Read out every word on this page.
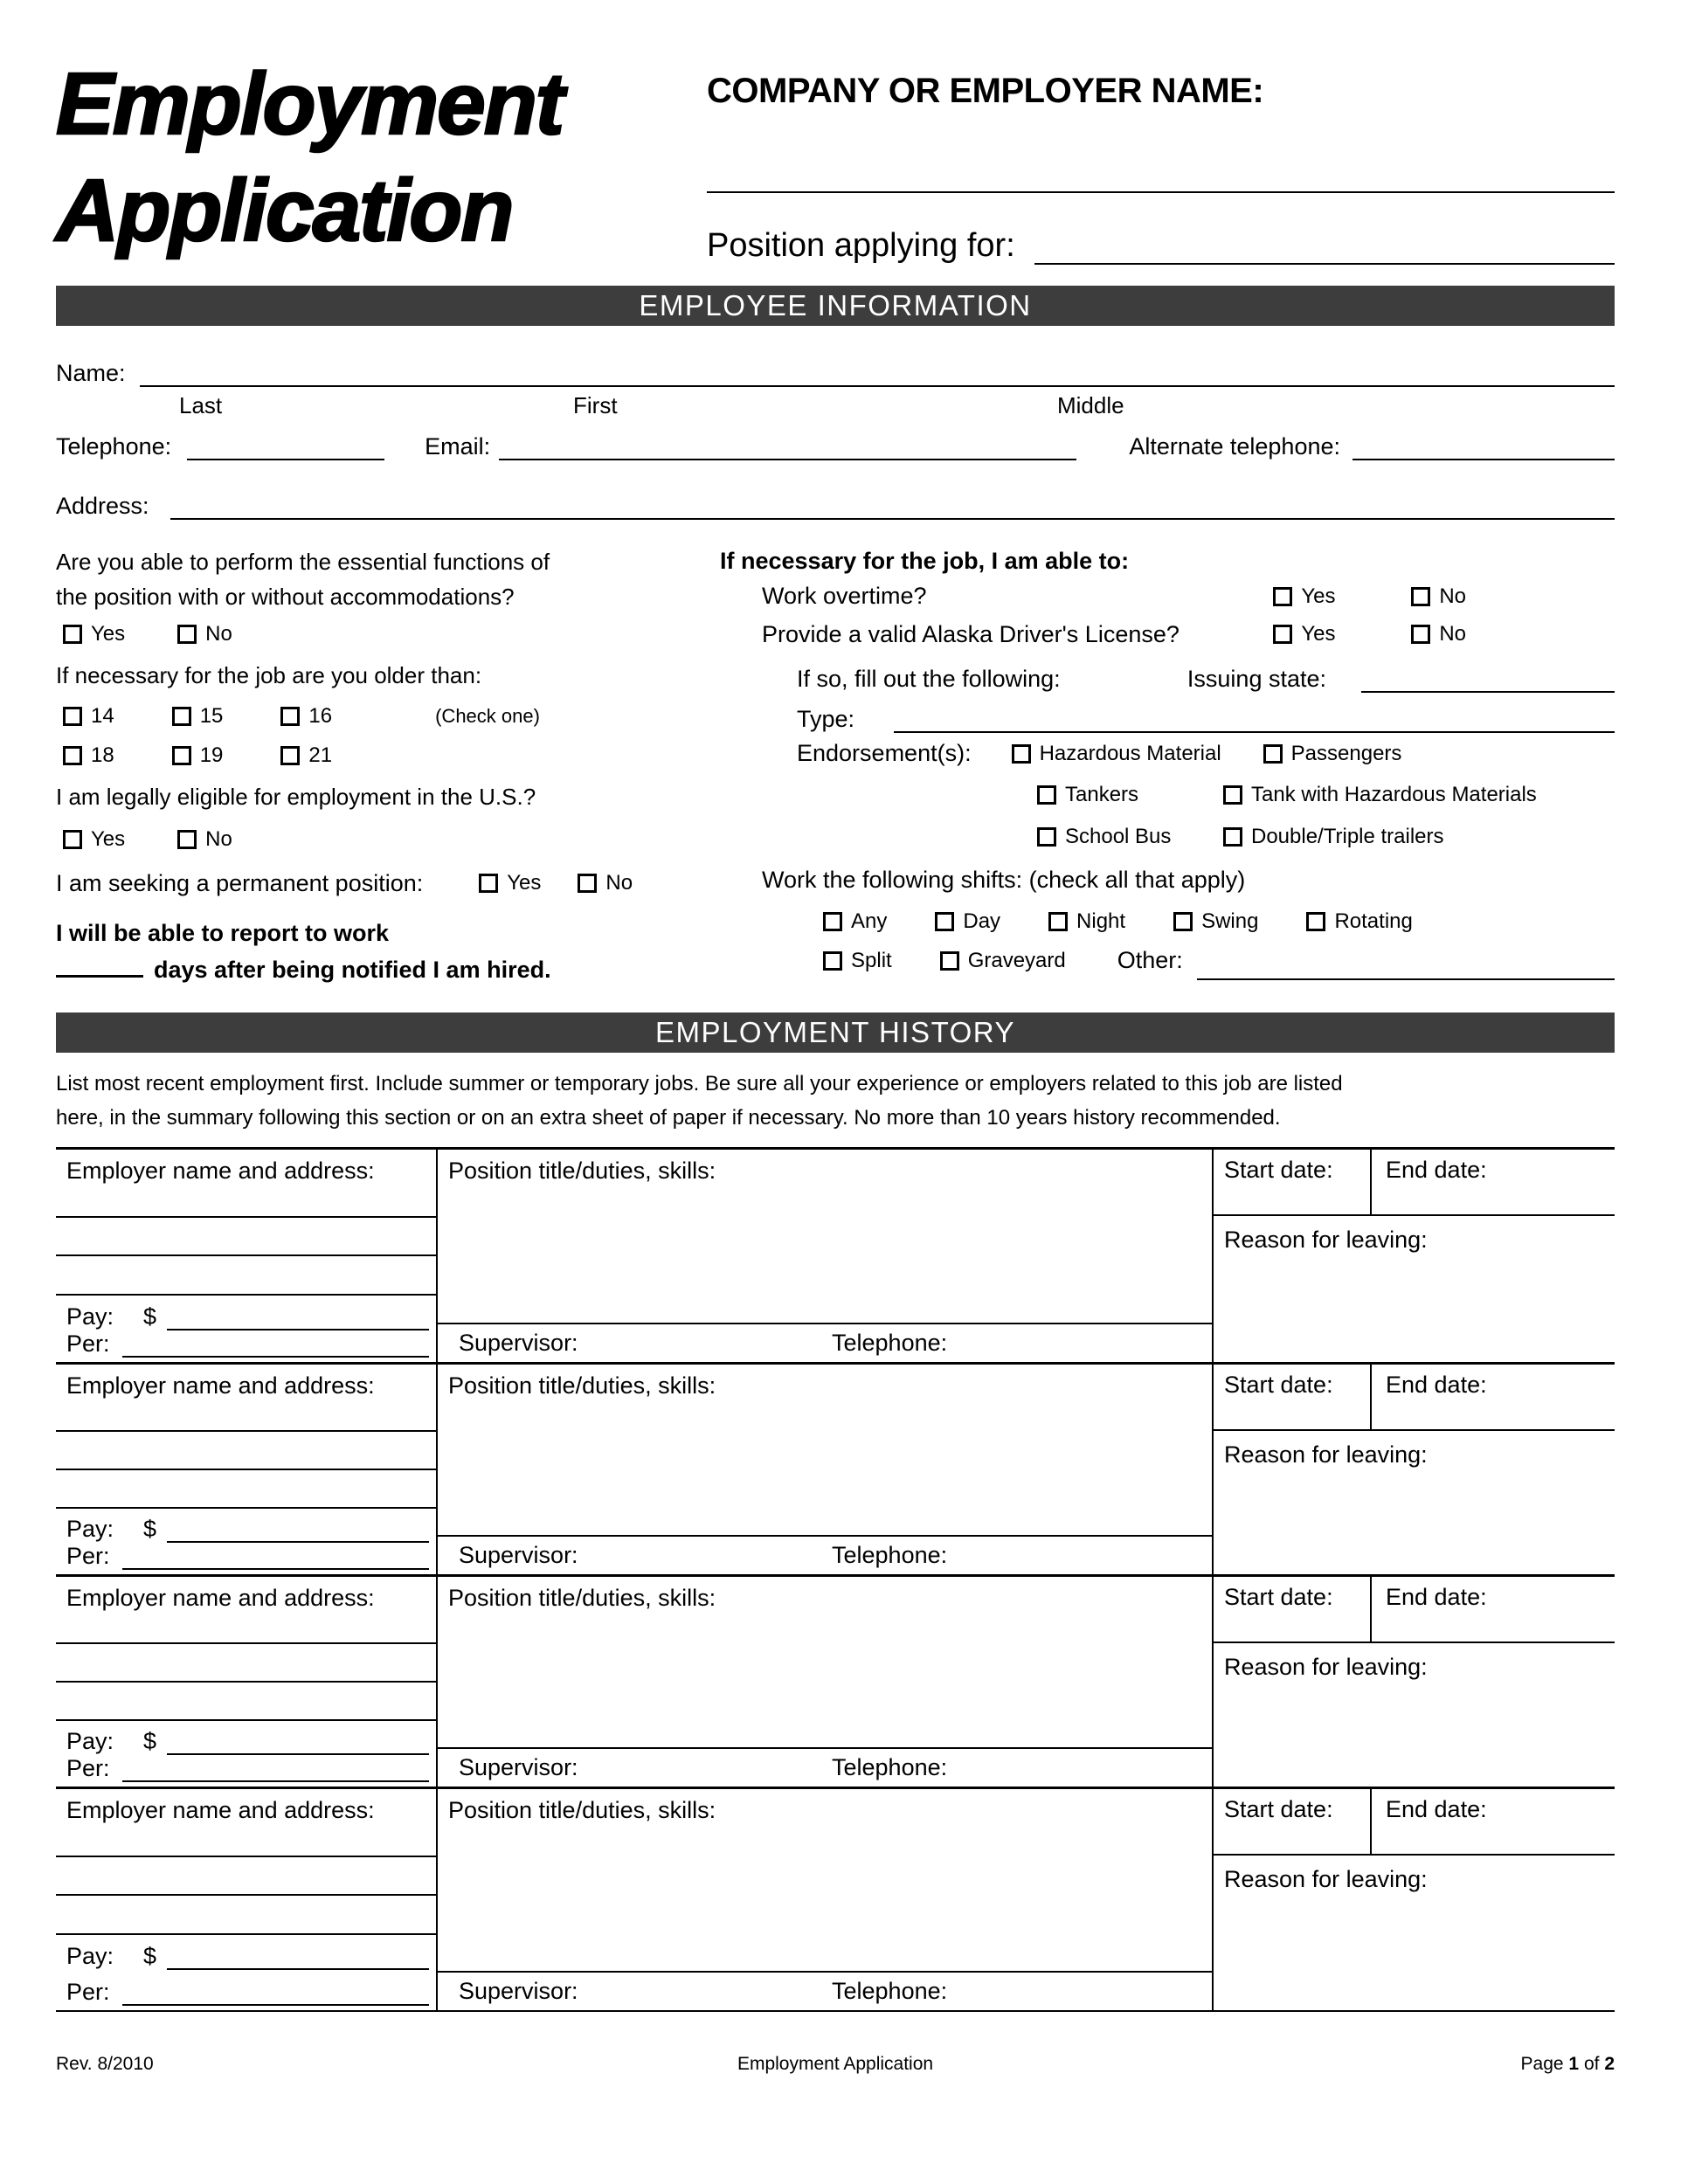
Employment
Application
COMPANY OR EMPLOYER NAME:
Position applying for:
EMPLOYEE INFORMATION
Name:
Last	First	Middle
Telephone:	Email:	Alternate telephone:
Address:
Are you able to perform the essential functions of
the position with or without accommodations?
Yes	No
If necessary for the job are you older than:
14	15	16	(Check one)
18	19	21
I am legally eligible for employment in the U.S.?
Yes	No
I am seeking a permanent position:	Yes	No
I will be able to report to work
days after being notified I am hired.
If necessary for the job, I am able to:
Work overtime?	Yes	No
Provide a valid Alaska Driver's License?	Yes	No
If so, fill out the following:	Issuing state:
Type:
Endorsement(s):	Hazardous Material	Passengers
Tankers	Tank with Hazardous Materials
School Bus	Double/Triple trailers
Work the following shifts: (check all that apply)
Any	Day	Night	Swing	Rotating
Split	Graveyard Other:
EMPLOYMENT HISTORY
List most recent employment first. Include summer or temporary jobs. Be sure all your experience or employers related to this job are listed
here, in the summary following this section or on an extra sheet of paper if necessary. No more than 10 years history recommended.
Employer name and address:
Pay: $
Per:
Position title/duties, skills:
Supervisor:	Telephone:
Start date:	End date:
Reason for leaving:
Employer name and address:
Pay: $
Per:
Position title/duties, skills:
Supervisor:	Telephone:
Start date:	End date:
Reason for leaving:
Employer name and address:
Pay: $
Per:
Position title/duties, skills:
Supervisor:	Telephone:
Start date:	End date:
Reason for leaving:
Employer name and address:
Pay: $
Per:
Position title/duties, skills:
Supervisor:	Telephone:
Start date:	End date:
Reason for leaving:
Rev. 8/2010	Employment Application	Page 1 of 2
